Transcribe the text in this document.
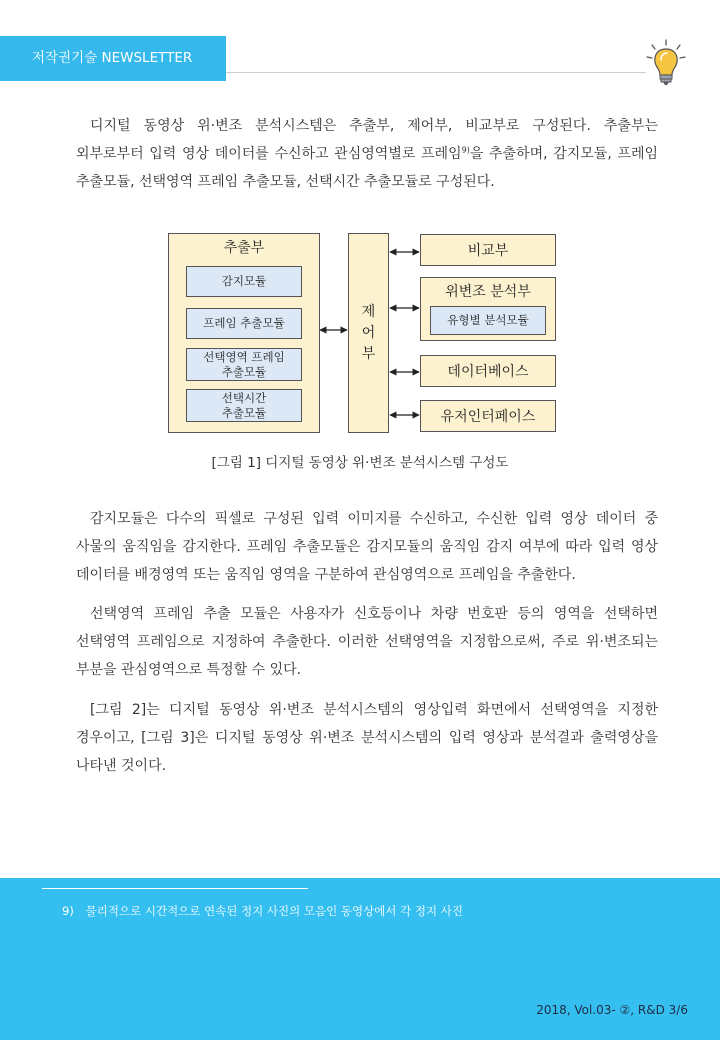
저작권기술 NEWSLETTER

디지털 동영상 위·변조 분석시스템은 추출부, 제어부, 비교부로 구성된다. 추출부는 외부로부터 입력 영상 데이터를 수신하고 관심영역별로 프레임$^{9)}$을 추출하며, 감지모듈, 프레임 추출모듈, 선택영역 프레임 추출모듈, 선택시간 추출모듈로 구성된다.

추출부
감지모듈
프레임 추출모듈
선택영역 프레임
추출모듈
선택시간
추출모듈
제
어
부
비교부
위변조 분석부
유형별 분석모듈
데이터베이스
유저인터페이스
[그림 1] 디지털 동영상 위·변조 분석시스템 구성도

감지모듈은 다수의 픽셀로 구성된 입력 이미지를 수신하고, 수신한 입력 영상 데이터 중 사물의 움직임을 감지한다. 프레임 추출모듈은 감지모듈의 움직임 감지 여부에 따라 입력 영상 데이터를 배경영역 또는 움직임 영역을 구분하여 관심영역으로 프레임을 추출한다.

선택영역 프레임 추출 모듈은 사용자가 신호등이나 차량 번호판 등의 영역을 선택하면 선택영역 프레임으로 지정하여 추출한다. 이러한 선택영역을 지정함으로써, 주로 위·변조되는 부분을 관심영역으로 특정할 수 있다.

[그림 2]는 디지털 동영상 위·변조 분석시스템의 영상입력 화면에서 선택영역을 지정한 경우이고, [그림 3]은 디지털 동영상 위·변조 분석시스템의 입력 영상과 분석결과 출력영상을 나타낸 것이다.

9) 물리적으로 시간적으로 연속된 정지 사진의 모음인 동영상에서 각 정지 사진
2018, Vol.03- ②, R&D 3/6
